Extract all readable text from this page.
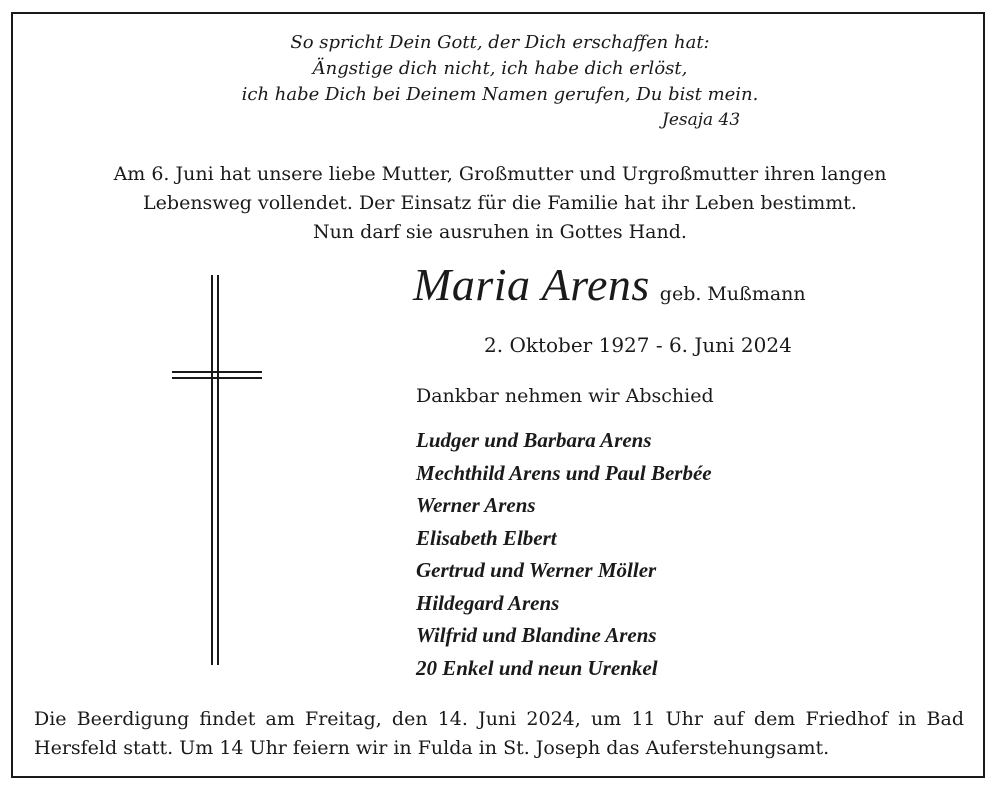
So spricht Dein Gott, der Dich erschaffen hat:
Ängstige dich nicht, ich habe dich erlöst,
ich habe Dich bei Deinem Namen gerufen, Du bist mein.
Jesaja 43
Am 6. Juni hat unsere liebe Mutter, Großmutter und Urgroßmutter ihren langen
Lebensweg vollendet. Der Einsatz für die Familie hat ihr Leben bestimmt.
Nun darf sie ausruhen in Gottes Hand.
Maria Arens geb. Mußmann
2. Oktober 1927 - 6. Juni 2024
Dankbar nehmen wir Abschied
Ludger und Barbara Arens
Mechthild Arens und Paul Berbée
Werner Arens
Elisabeth Elbert
Gertrud und Werner Möller
Hildegard Arens
Wilfrid und Blandine Arens
20 Enkel und neun Urenkel
Die Beerdigung findet am Freitag, den 14. Juni 2024, um 11 Uhr auf dem Friedhof in Bad Hersfeld statt. Um 14 Uhr feiern wir in Fulda in St. Joseph das Auferstehungsamt.
